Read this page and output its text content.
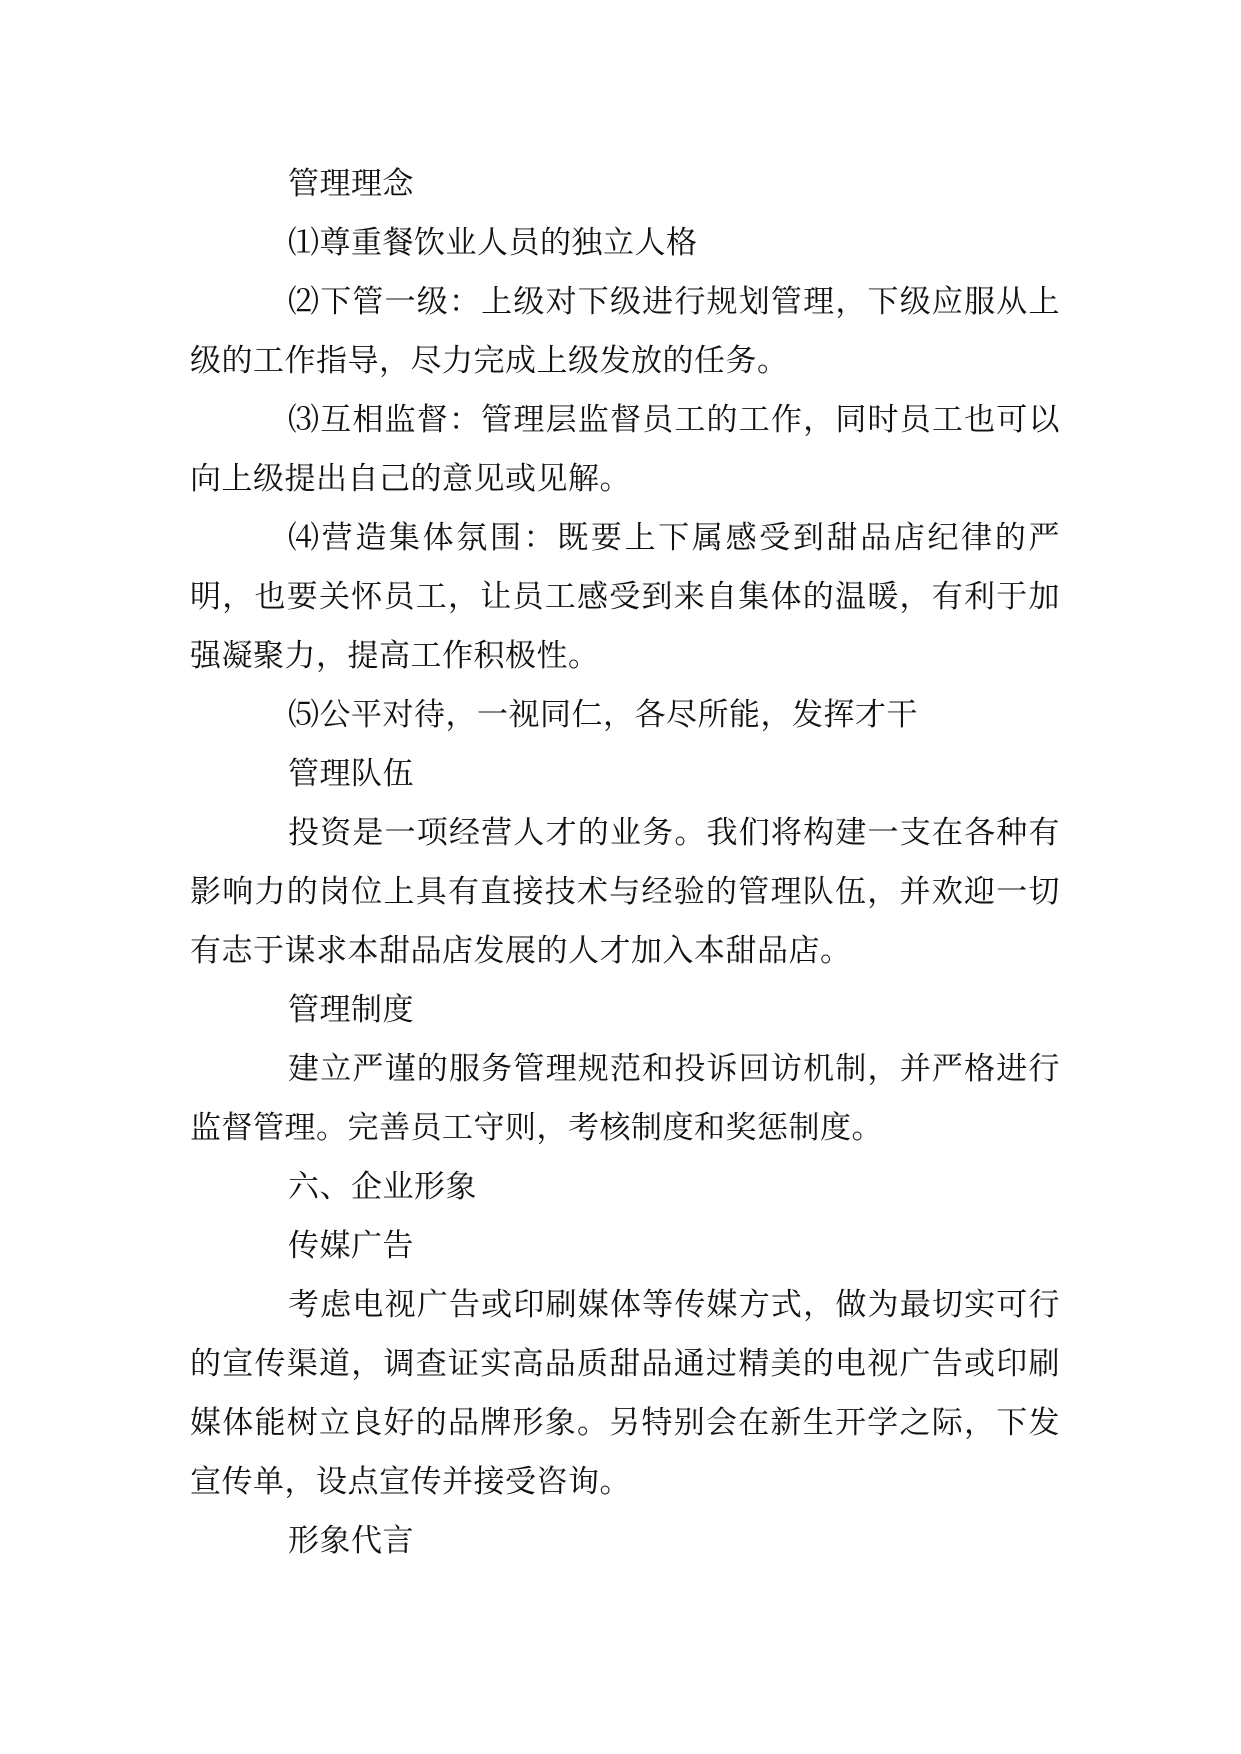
管理理念

⑴尊重餐饮业人员的独立人格

⑵下管一级：上级对下级进行规划管理，下级应服从上级的工作指导，尽力完成上级发放的任务。

⑶互相监督：管理层监督员工的工作，同时员工也可以向上级提出自己的意见或见解。

⑷营造集体氛围：既要上下属感受到甜品店纪律的严明，也要关怀员工，让员工感受到来自集体的温暖，有利于加强凝聚力，提高工作积极性。

⑸公平对待，一视同仁，各尽所能，发挥才干

管理队伍

投资是一项经营人才的业务。我们将构建一支在各种有影响力的岗位上具有直接技术与经验的管理队伍，并欢迎一切有志于谋求本甜品店发展的人才加入本甜品店。

管理制度

建立严谨的服务管理规范和投诉回访机制，并严格进行监督管理。完善员工守则，考核制度和奖惩制度。

六、企业形象

传媒广告

考虑电视广告或印刷媒体等传媒方式，做为最切实可行的宣传渠道，调查证实高品质甜品通过精美的电视广告或印刷媒体能树立良好的品牌形象。另特别会在新生开学之际，下发宣传单，设点宣传并接受咨询。

形象代言
